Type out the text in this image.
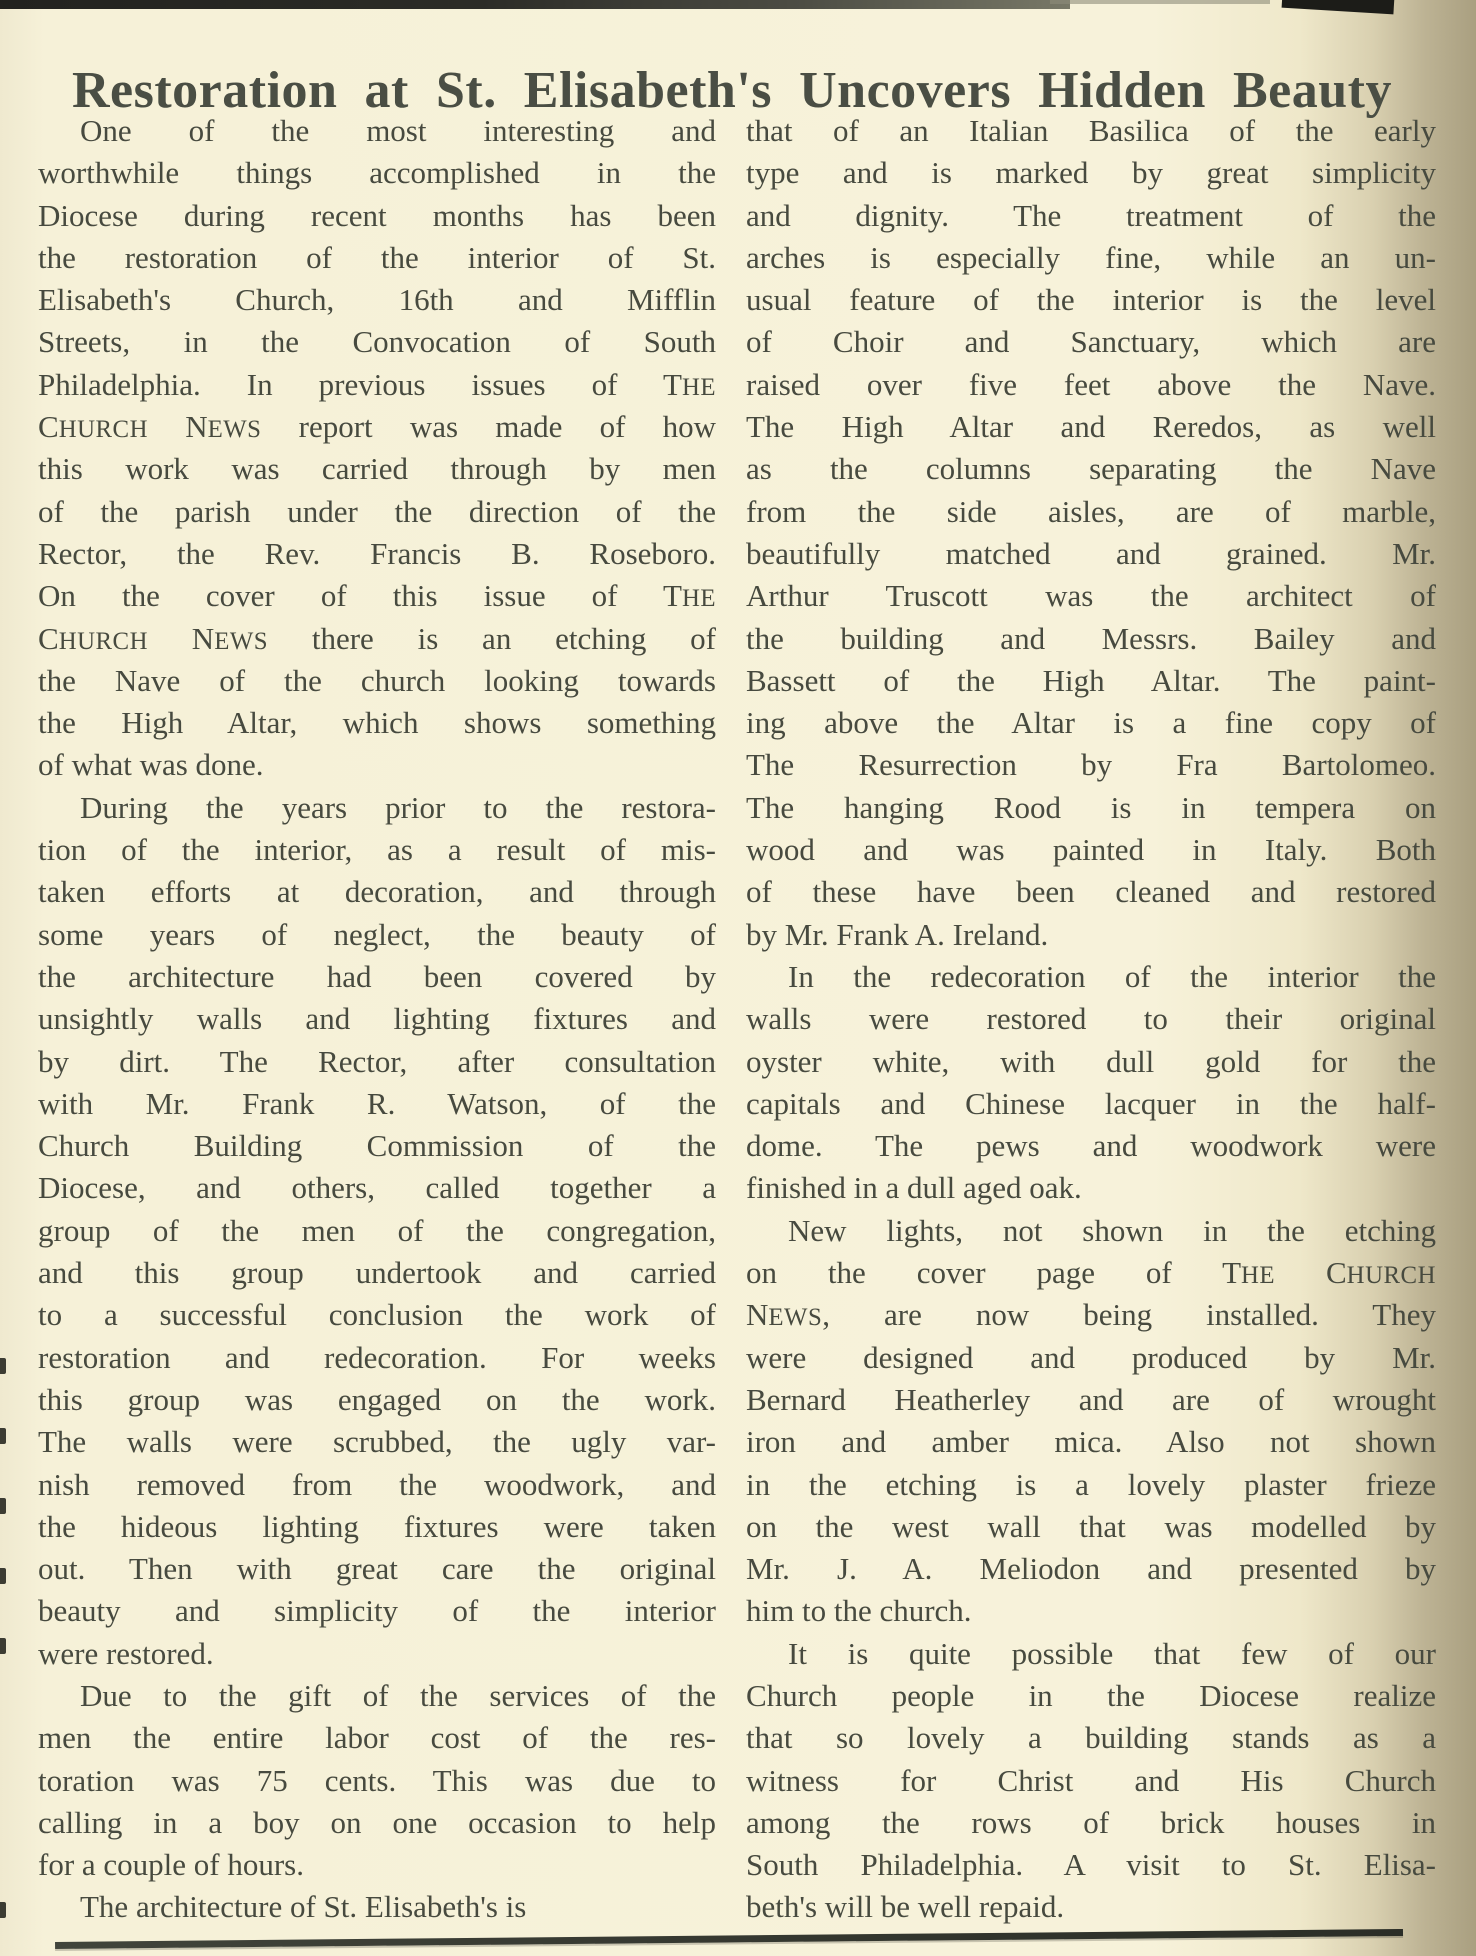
Restoration at St. Elisabeth's Uncovers Hidden Beauty
One of the most interesting and
worthwhile things accomplished in the
Diocese during recent months has been
the restoration of the interior of St.
Elisabeth's Church, 16th and Mifflin
Streets, in the Convocation of South
Philadelphia. In previous issues of THE
CHURCH NEWS report was made of how
this work was carried through by men
of the parish under the direction of the
Rector, the Rev. Francis B. Roseboro.
On the cover of this issue of THE
CHURCH NEWS there is an etching of
the Nave of the church looking towards
the High Altar, which shows something
of what was done.
During the years prior to the restora-
tion of the interior, as a result of mis-
taken efforts at decoration, and through
some years of neglect, the beauty of
the architecture had been covered by
unsightly walls and lighting fixtures and
by dirt. The Rector, after consultation
with Mr. Frank R. Watson, of the
Church Building Commission of the
Diocese, and others, called together a
group of the men of the congregation,
and this group undertook and carried
to a successful conclusion the work of
restoration and redecoration. For weeks
this group was engaged on the work.
The walls were scrubbed, the ugly var-
nish removed from the woodwork, and
the hideous lighting fixtures were taken
out. Then with great care the original
beauty and simplicity of the interior
were restored.
Due to the gift of the services of the
men the entire labor cost of the res-
toration was 75 cents. This was due to
calling in a boy on one occasion to help
for a couple of hours.
The architecture of St. Elisabeth's is
that of an Italian Basilica of the early
type and is marked by great simplicity
and dignity. The treatment of the
arches is especially fine, while an un-
usual feature of the interior is the level
of Choir and Sanctuary, which are
raised over five feet above the Nave.
The High Altar and Reredos, as well
as the columns separating the Nave
from the side aisles, are of marble,
beautifully matched and grained. Mr.
Arthur Truscott was the architect of
the building and Messrs. Bailey and
Bassett of the High Altar. The paint-
ing above the Altar is a fine copy of
The Resurrection by Fra Bartolomeo.
The hanging Rood is in tempera on
wood and was painted in Italy. Both
of these have been cleaned and restored
by Mr. Frank A. Ireland.
In the redecoration of the interior the
walls were restored to their original
oyster white, with dull gold for the
capitals and Chinese lacquer in the half-
dome. The pews and woodwork were
finished in a dull aged oak.
New lights, not shown in the etching
on the cover page of THE CHURCH
NEWS, are now being installed. They
were designed and produced by Mr.
Bernard Heatherley and are of wrought
iron and amber mica. Also not shown
in the etching is a lovely plaster frieze
on the west wall that was modelled by
Mr. J. A. Meliodon and presented by
him to the church.
It is quite possible that few of our
Church people in the Diocese realize
that so lovely a building stands as a
witness for Christ and His Church
among the rows of brick houses in
South Philadelphia. A visit to St. Elisa-
beth's will be well repaid.
